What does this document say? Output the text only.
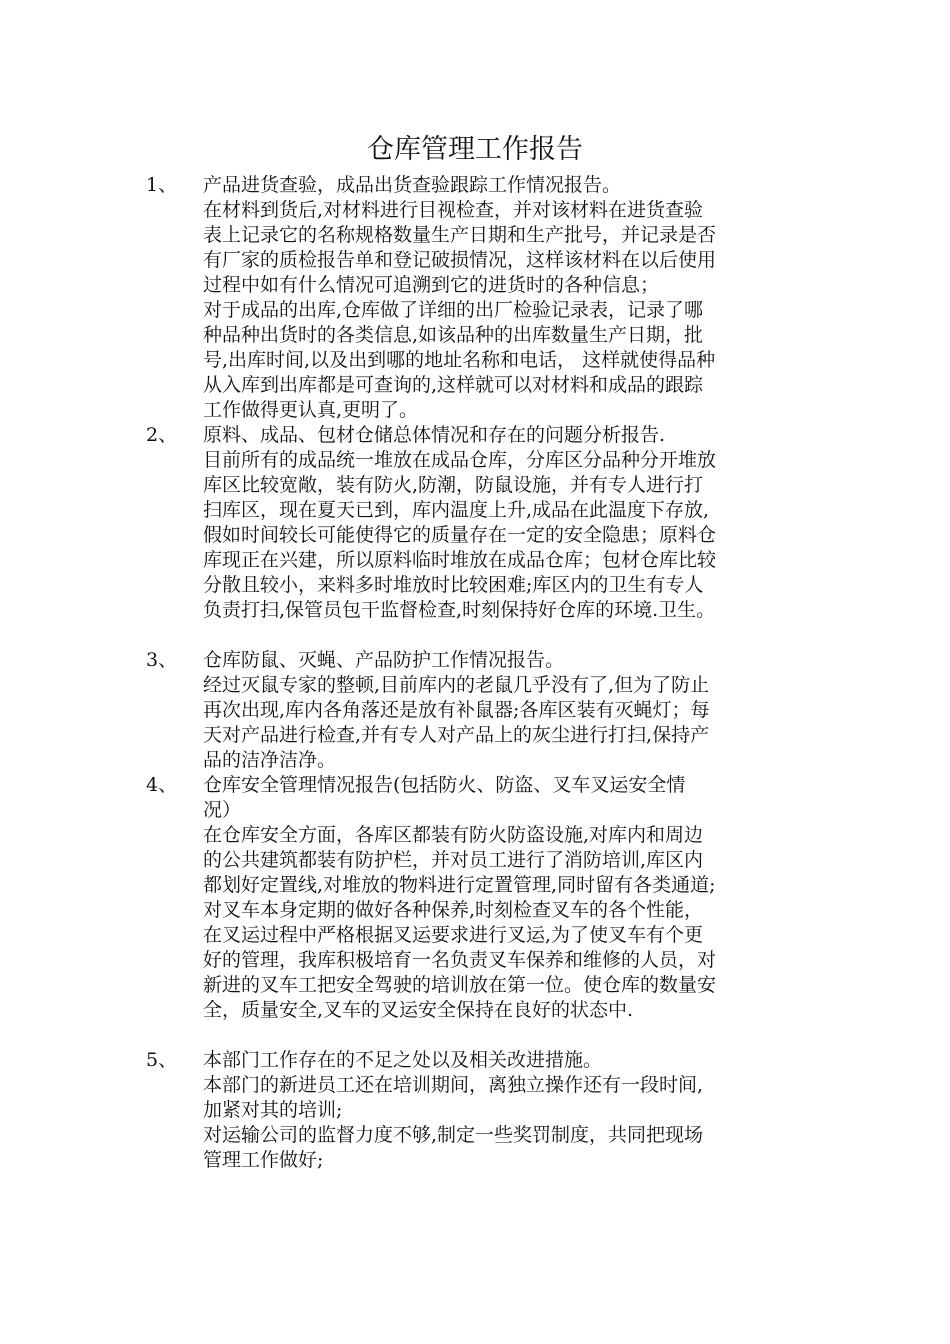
仓库管理工作报告
1、	产品进货查验，成品出货查验跟踪工作情况报告。
在材料到货后,对材料进行目视检查，并对该材料在进货查验
表上记录它的名称规格数量生产日期和生产批号，并记录是否
有厂家的质检报告单和登记破损情况，这样该材料在以后使用
过程中如有什么情况可追溯到它的进货时的各种信息；
对于成品的出库,仓库做了详细的出厂检验记录表，记录了哪
种品种出货时的各类信息,如该品种的出库数量生产日期，批
号,出库时间,以及出到哪的地址名称和电话， 这样就使得品种
从入库到出库都是可查询的,这样就可以对材料和成品的跟踪
工作做得更认真,更明了。
2、	原料、成品、包材仓储总体情况和存在的问题分析报告.
目前所有的成品统一堆放在成品仓库，分库区分品种分开堆放
库区比较宽敞，装有防火,防潮，防鼠设施，并有专人进行打
扫库区，现在夏天已到，库内温度上升,成品在此温度下存放,
假如时间较长可能使得它的质量存在一定的安全隐患；原料仓
库现正在兴建，所以原料临时堆放在成品仓库；包材仓库比较
分散且较小，来料多时堆放时比较困难;库区内的卫生有专人
负责打扫,保管员包干监督检查,时刻保持好仓库的环境.卫生。
3、	仓库防鼠、灭蝇、产品防护工作情况报告。
经过灭鼠专家的整顿,目前库内的老鼠几乎没有了,但为了防止
再次出现,库内各角落还是放有补鼠器;各库区装有灭蝇灯；每
天对产品进行检查,并有专人对产品上的灰尘进行打扫,保持产
品的洁净洁净。
4、	仓库安全管理情况报告(包括防火、防盗、叉车叉运安全情
况）
在仓库安全方面，各库区都装有防火防盗设施,对库内和周边
的公共建筑都装有防护栏，并对员工进行了消防培训,库区内
都划好定置线,对堆放的物料进行定置管理,同时留有各类通道;
对叉车本身定期的做好各种保养,时刻检查叉车的各个性能，
在叉运过程中严格根据叉运要求进行叉运,为了使叉车有个更
好的管理，我库积极培育一名负责叉车保养和维修的人员，对
新进的叉车工把安全驾驶的培训放在第一位。使仓库的数量安
全，质量安全,叉车的叉运安全保持在良好的状态中.
5、	本部门工作存在的不足之处以及相关改进措施。
本部门的新进员工还在培训期间，离独立操作还有一段时间,
加紧对其的培训;
对运输公司的监督力度不够,制定一些奖罚制度，共同把现场
管理工作做好;
